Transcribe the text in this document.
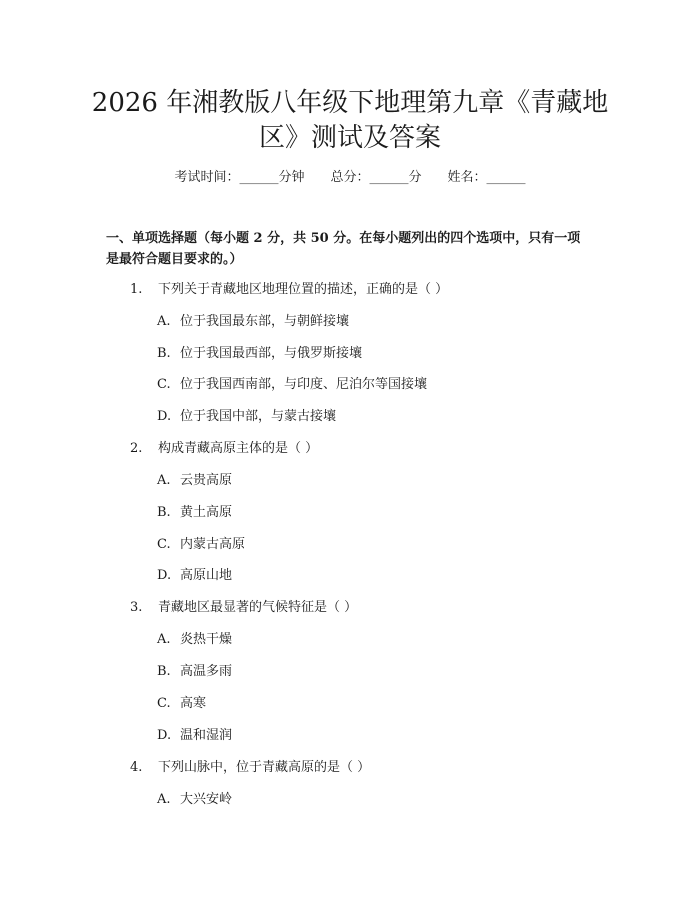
2026 年湘教版八年级下地理第九章《青藏地
区》测试及答案
考试时间：______分钟　　总分：______分　　姓名：______

一、单项选择题（每小题 2 分，共 50 分。在每小题列出的四个选项中，只有一项

是最符合题目要求的。）

1. 下列关于青藏地区地理位置的描述，正确的是（ ）
A. 位于我国最东部，与朝鲜接壤
B. 位于我国最西部，与俄罗斯接壤
C. 位于我国西南部，与印度、尼泊尔等国接壤
D. 位于我国中部，与蒙古接壤
2. 构成青藏高原主体的是（ ）
A. 云贵高原
B. 黄土高原
C. 内蒙古高原
D. 高原山地
3. 青藏地区最显著的气候特征是（ ）
A. 炎热干燥
B. 高温多雨
C. 高寒
D. 温和湿润
4. 下列山脉中，位于青藏高原的是（ ）
A. 大兴安岭
